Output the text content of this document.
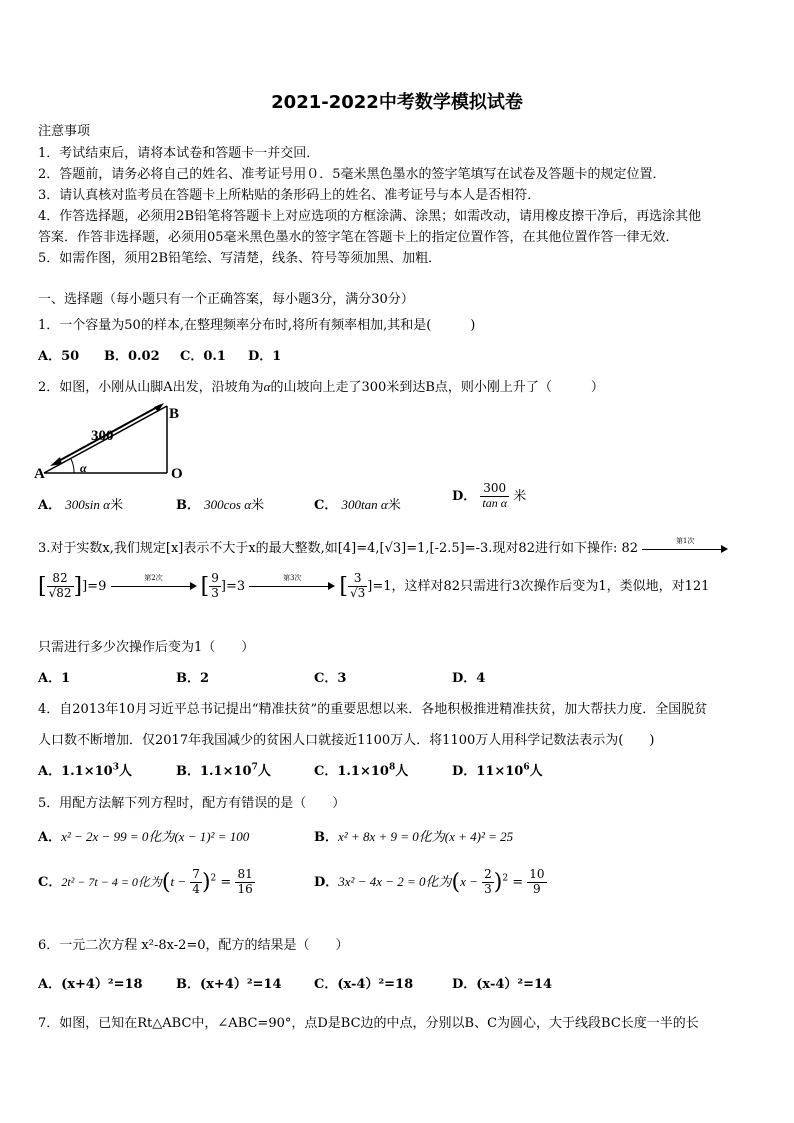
2021-2022中考数学模拟试卷
注意事项
1．考试结束后，请将本试卷和答题卡一并交回．
2．答题前，请务必将自己的姓名、准考证号用０．5毫米黑色墨水的签字笔填写在试卷及答题卡的规定位置．
3．请认真核对监考员在答题卡上所粘贴的条形码上的姓名、准考证号与本人是否相符．
4．作答选择题，必须用2B铅笔将答题卡上对应选项的方框涂满、涂黑；如需改动，请用橡皮擦干净后，再选涂其他
答案．作答非选择题，必须用05毫米黑色墨水的签字笔在答题卡上的指定位置作答，在其他位置作答一律无效．
5．如需作图，须用2B铅笔绘、写清楚，线条、符号等须加黑、加粗．
一、选择题（每小题只有一个正确答案，每小题3分，满分30分）
1．一个容量为50的样本,在整理频率分布时,将所有频率相加,其和是(　　　)
A．50 B．0.02 C．0.1 D．1
2．如图，小刚从山脚A出发，沿坡角为α的山坡向上走了300米到达B点，则小刚上升了（　　　）
A
B
O
300
α
A． 300sin α米	B． 300cos α米	C． 300tan α米
D． $\frac{300}{\text{tan α}}$ 米
3.对于实数x,我们规定[x]表示不大于x的最大整数,如[4]=4,[√3]=1,[-2.5]=-3.现对82进行如下操作: 82
第1次
[ $\frac{82}{√82} ]]=9$
第2次 [ $\frac{9}{3} ]=3$
第3次 [ $\frac{3}{√3} ]=1$，这样对82只需进行3次操作后变为1，类似地，对121
只需进行多少次操作后变为1（　　）
A．1	B．2	C．3	D．4
4．自2013年10月习近平总书记提出“精准扶贫”的重要思想以来．各地积极推进精准扶贫，加大帮扶力度．全国脱贫
人口数不断增加．仅2017年我国减少的贫困人口就接近1100万人．将1100万人用科学记数法表示为(　　)
A．$1.1\times 10^3$人	B．$1.1\times 10^7$人	C．$1.1\times 10^8$人	D．$11\times 10^6$人
5．用配方法解下列方程时，配方有错误的是（　　）
A．x² − 2x − 99 = 0化为(x − 1)² = 100	B．x² + 8x + 9 = 0化为(x + 4)² = 25
C．2t² − 7t − 4 = 0化为$(t - \frac{7}{4} )^2 = \frac{81}{16}$	D．3x² − 4x − 2 = 0化为$(x - \frac{2}{3} )^2 = \frac{10}{9}$
6．一元二次方程 x²-8x-2=0，配方的结果是（　　）
A．(x+4）²=18	B．(x+4）²=14 C．(x-4）²=18	D．(x-4）²=14
7．如图，已知在Rt△ABC中，∠ABC=90°，点D是BC边的中点，分别以B、C为圆心，大于线段BC长度一半的长
